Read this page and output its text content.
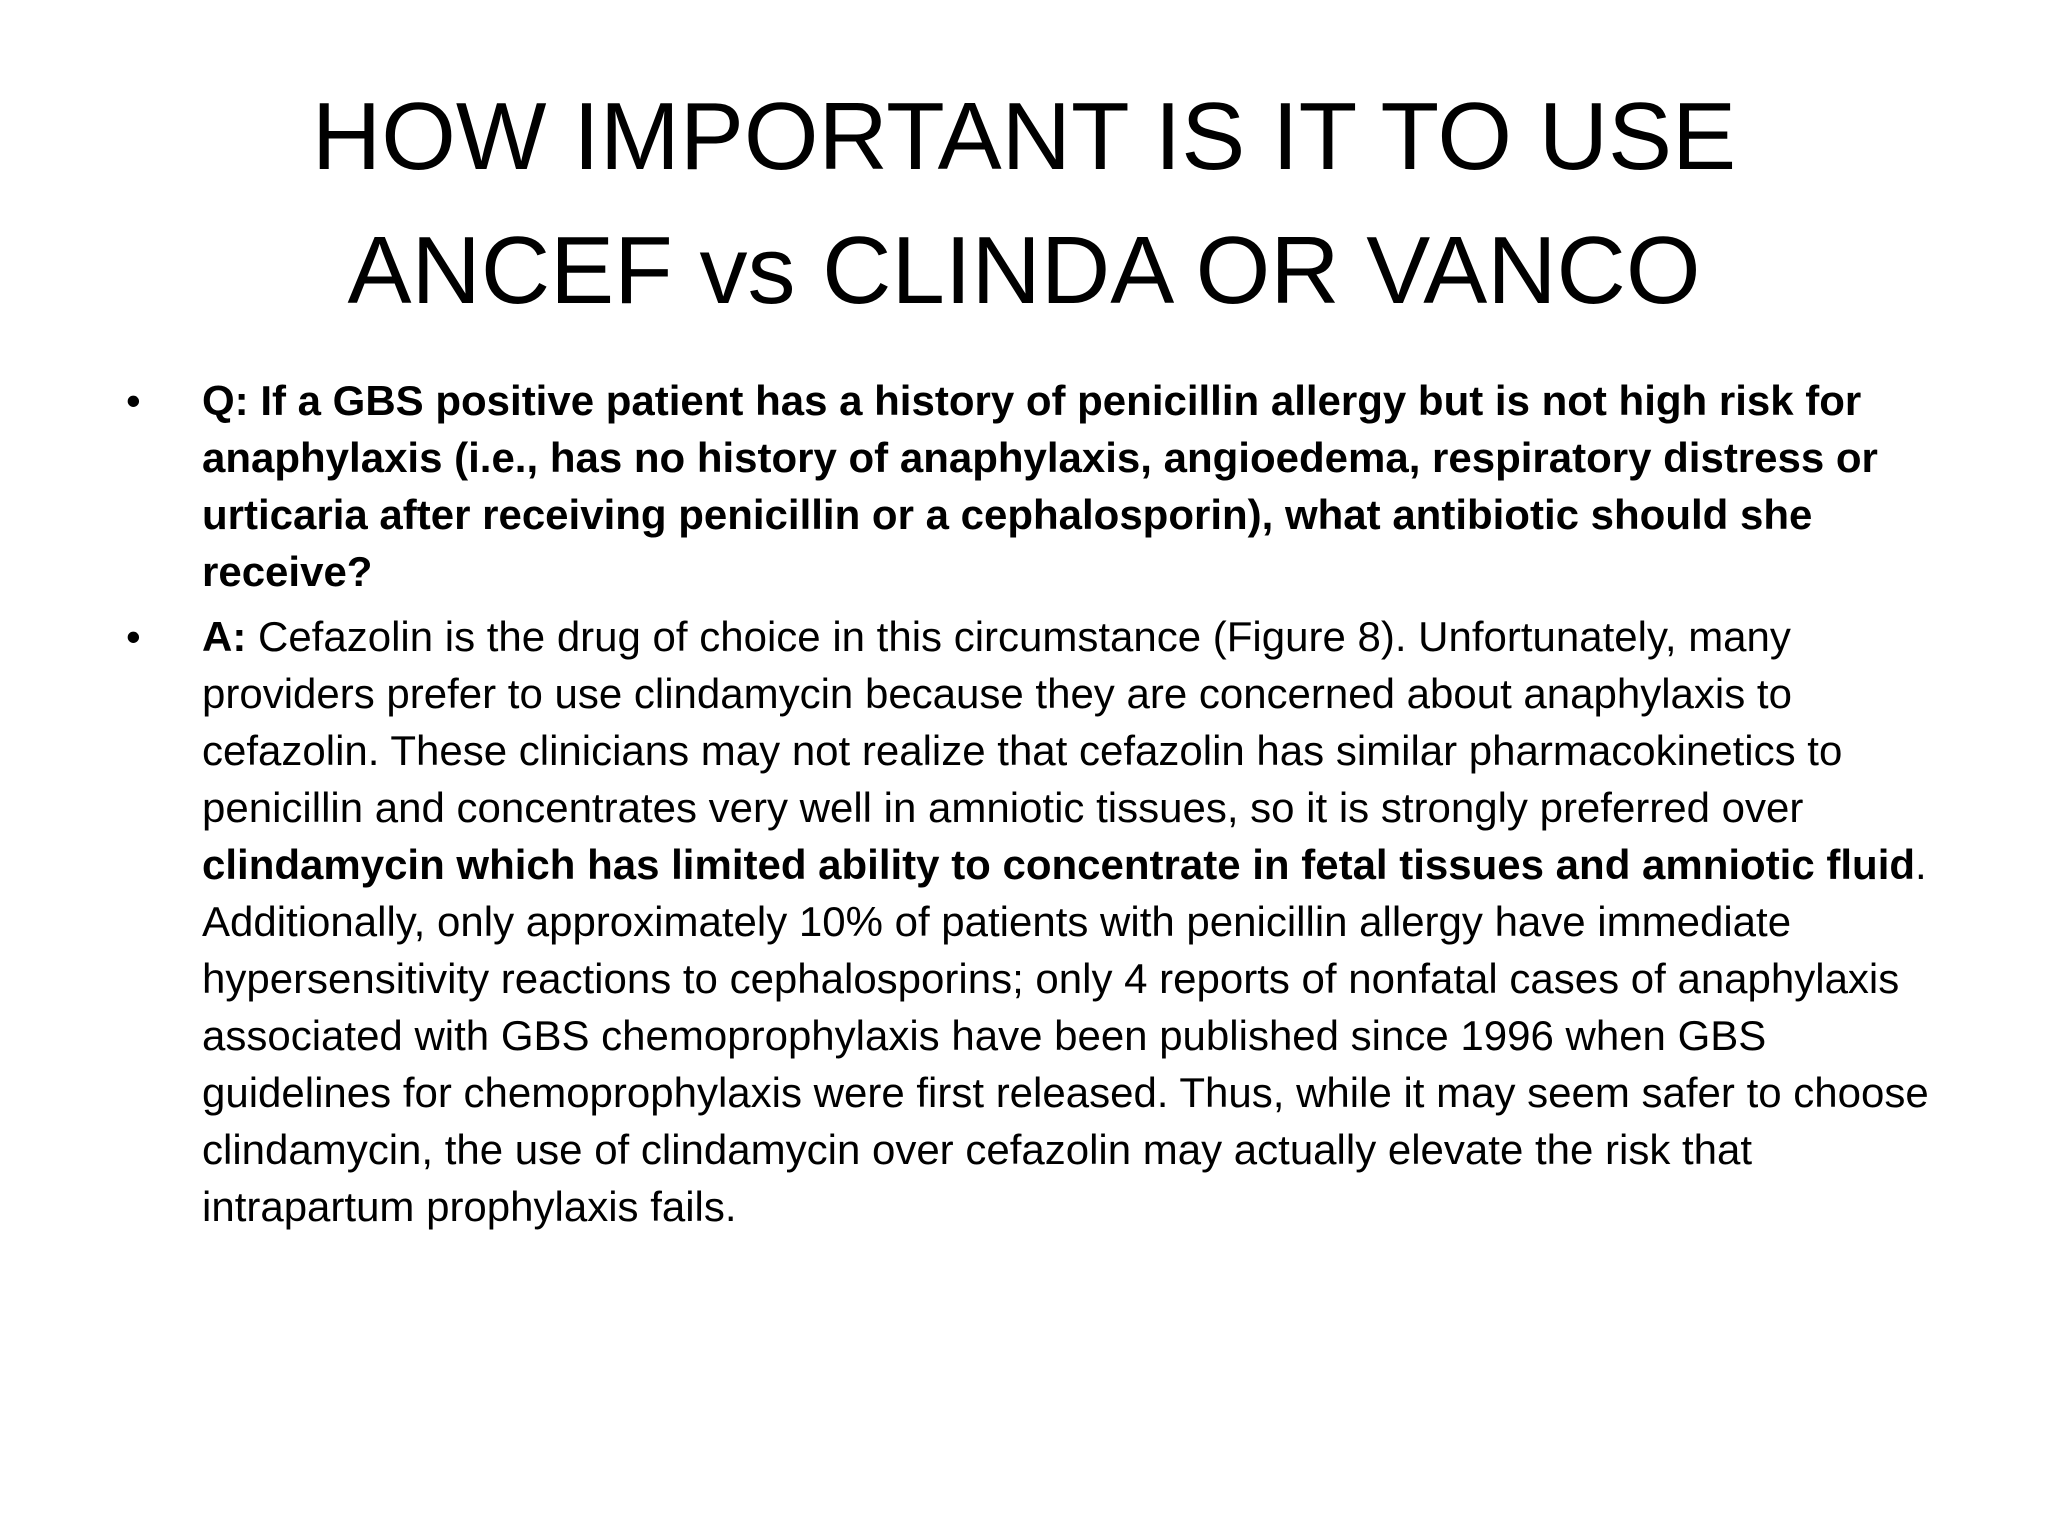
HOW IMPORTANT IS IT TO USE
ANCEF vs CLINDA OR VANCO
•	Q: If a GBS positive patient has a history of penicillin allergy but is not high risk for anaphylaxis (i.e., has no history of anaphylaxis, angioedema, respiratory distress or urticaria after receiving penicillin or a cephalosporin), what antibiotic should she receive?
•	A: Cefazolin is the drug of choice in this circumstance (Figure 8). Unfortunately, many providers prefer to use clindamycin because they are concerned about anaphylaxis to cefazolin. These clinicians may not realize that cefazolin has similar pharmacokinetics to penicillin and concentrates very well in amniotic tissues, so it is strongly preferred over clindamycin which has limited ability to concentrate in fetal tissues and amniotic fluid. Additionally, only approximately 10% of patients with penicillin allergy have immediate hypersensitivity reactions to cephalosporins; only 4 reports of nonfatal cases of anaphylaxis associated with GBS chemoprophylaxis have been published since 1996 when GBS guidelines for chemoprophylaxis were first released. Thus, while it may seem safer to choose clindamycin, the use of clindamycin over cefazolin may actually elevate the risk that intrapartum prophylaxis fails.
